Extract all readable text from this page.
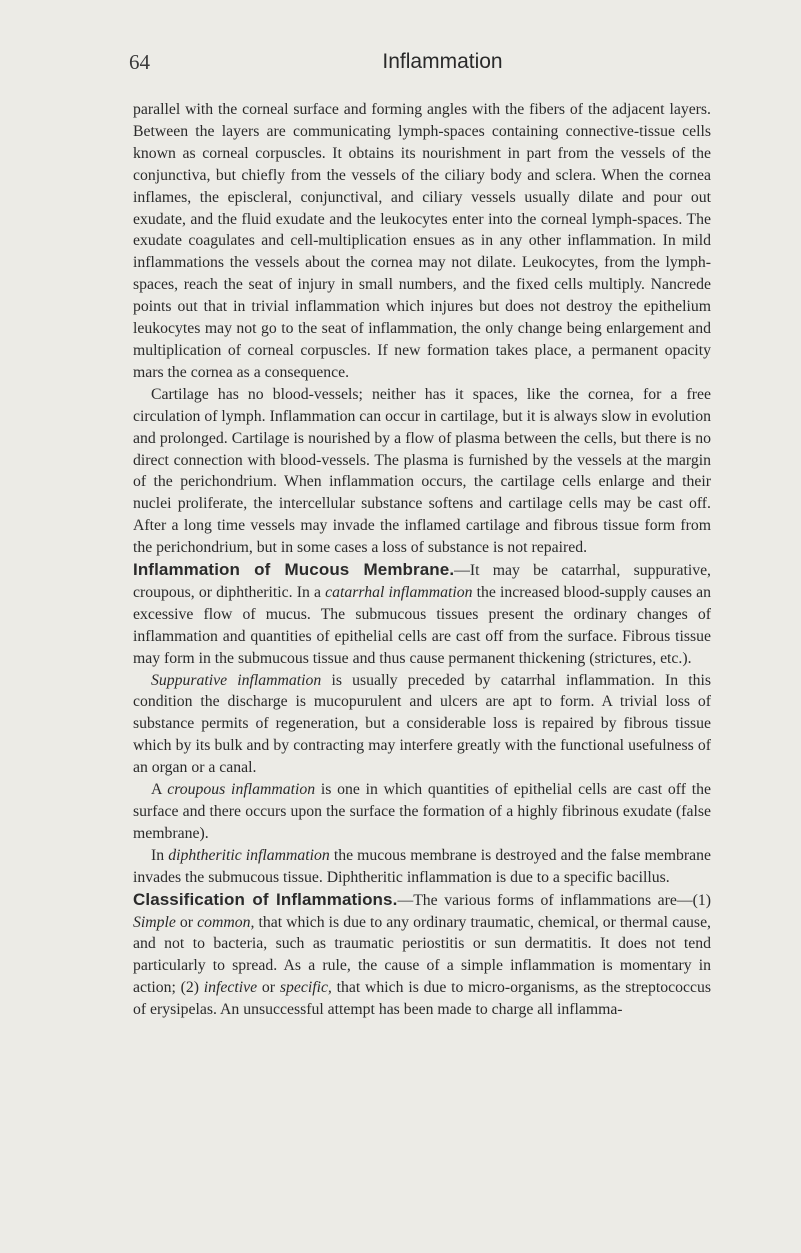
64	Inflammation

parallel with the corneal surface and forming angles with the fibers of the adjacent layers. Between the layers are communicating lymph-spaces containing connective-tissue cells known as corneal corpuscles. It obtains its nourishment in part from the vessels of the conjunctiva, but chiefly from the vessels of the ciliary body and sclera. When the cornea inflames, the episcleral, conjunctival, and ciliary vessels usually dilate and pour out exudate, and the fluid exudate and the leukocytes enter into the corneal lymph-spaces. The exudate coagulates and cell-multiplication ensues as in any other inflammation. In mild inflammations the vessels about the cornea may not dilate. Leukocytes, from the lymph-spaces, reach the seat of injury in small numbers, and the fixed cells multiply. Nancrede points out that in trivial inflammation which injures but does not destroy the epithelium leukocytes may not go to the seat of inflammation, the only change being enlargement and multiplication of corneal corpuscles. If new formation takes place, a permanent opacity mars the cornea as a consequence.

Cartilage has no blood-vessels; neither has it spaces, like the cornea, for a free circulation of lymph. Inflammation can occur in cartilage, but it is always slow in evolution and prolonged. Cartilage is nourished by a flow of plasma between the cells, but there is no direct connection with blood-vessels. The plasma is furnished by the vessels at the margin of the perichondrium. When inflammation occurs, the cartilage cells enlarge and their nuclei proliferate, the intercellular substance softens and cartilage cells may be cast off. After a long time vessels may invade the inflamed cartilage and fibrous tissue form from the perichondrium, but in some cases a loss of substance is not repaired.

Inflammation of Mucous Membrane.—It may be catarrhal, suppurative, croupous, or diphtheritic. In a catarrhal inflammation the increased blood-supply causes an excessive flow of mucus. The submucous tissues present the ordinary changes of inflammation and quantities of epithelial cells are cast off from the surface. Fibrous tissue may form in the submucous tissue and thus cause permanent thickening (strictures, etc.).

Suppurative inflammation is usually preceded by catarrhal inflammation. In this condition the discharge is mucopurulent and ulcers are apt to form. A trivial loss of substance permits of regeneration, but a considerable loss is repaired by fibrous tissue which by its bulk and by contracting may interfere greatly with the functional usefulness of an organ or a canal.

A croupous inflammation is one in which quantities of epithelial cells are cast off the surface and there occurs upon the surface the formation of a highly fibrinous exudate (false membrane).

In diphtheritic inflammation the mucous membrane is destroyed and the false membrane invades the submucous tissue. Diphtheritic inflammation is due to a specific bacillus.

Classification of Inflammations.—The various forms of inflammations are—(1) Simple or common, that which is due to any ordinary traumatic, chemical, or thermal cause, and not to bacteria, such as traumatic periostitis or sun dermatitis. It does not tend particularly to spread. As a rule, the cause of a simple inflammation is momentary in action; (2) infective or specific, that which is due to micro-organisms, as the streptococcus of erysipelas. An unsuccessful attempt has been made to charge all inflamma-
